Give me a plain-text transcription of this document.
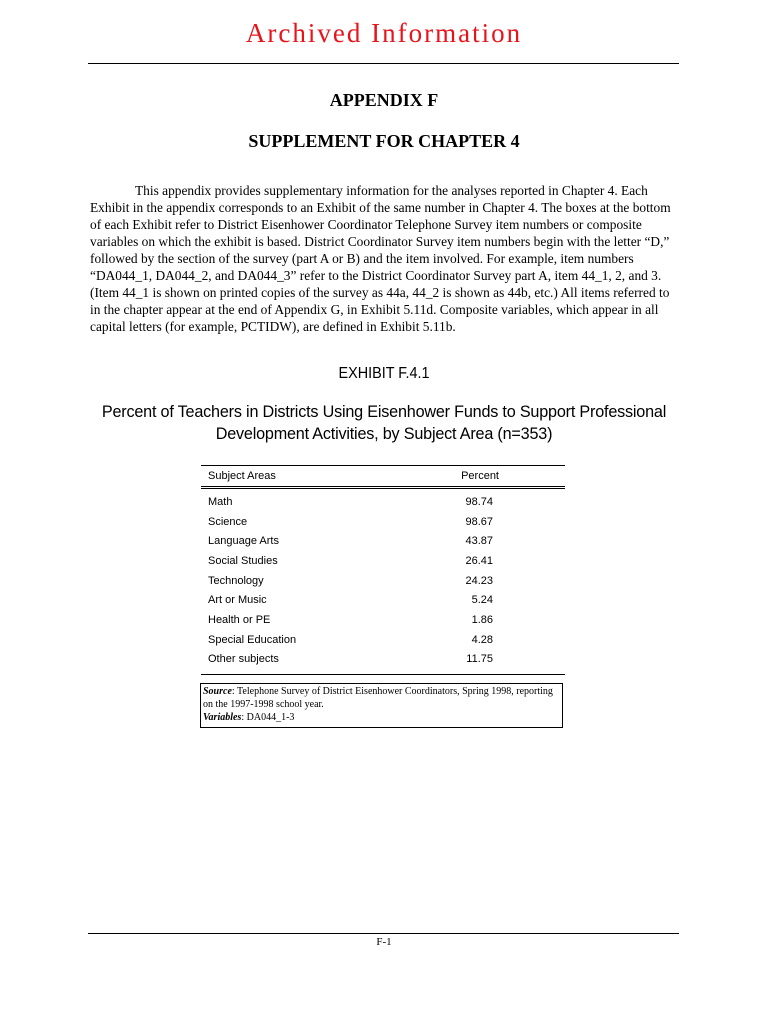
Archived Information
APPENDIX F
SUPPLEMENT FOR CHAPTER 4

This appendix provides supplementary information for the analyses reported in Chapter 4. Each Exhibit in the appendix corresponds to an Exhibit of the same number in Chapter 4. The boxes at the bottom of each Exhibit refer to District Eisenhower Coordinator Telephone Survey item numbers or composite variables on which the exhibit is based. District Coordinator Survey item numbers begin with the letter “D,” followed by the section of the survey (part A or B) and the item involved. For example, item numbers “DA044_1, DA044_2, and DA044_3” refer to the District Coordinator Survey part A, item 44_1, 2, and 3. (Item 44_1 is shown on printed copies of the survey as 44a, 44_2 is shown as 44b, etc.) All items referred to in the chapter appear at the end of Appendix G, in Exhibit 5.11d. Composite variables, which appear in all capital letters (for example, PCTIDW), are defined in Exhibit 5.11b.

EXHIBIT F.4.1
Percent of Teachers in Districts Using Eisenhower Funds to Support Professional Development Activities, by Subject Area (n=353)
Subject Areas	Percent
Math	98.74
Science	98.67
Language Arts	43.87
Social Studies	26.41
Technology	24.23
Art or Music	5.24
Health or PE	1.86
Special Education	4.28
Other subjects	11.75
Source: Telephone Survey of District Eisenhower Coordinators, Spring 1998, reporting on the 1997-1998 school year.
Variables: DA044_1-3
F-1
